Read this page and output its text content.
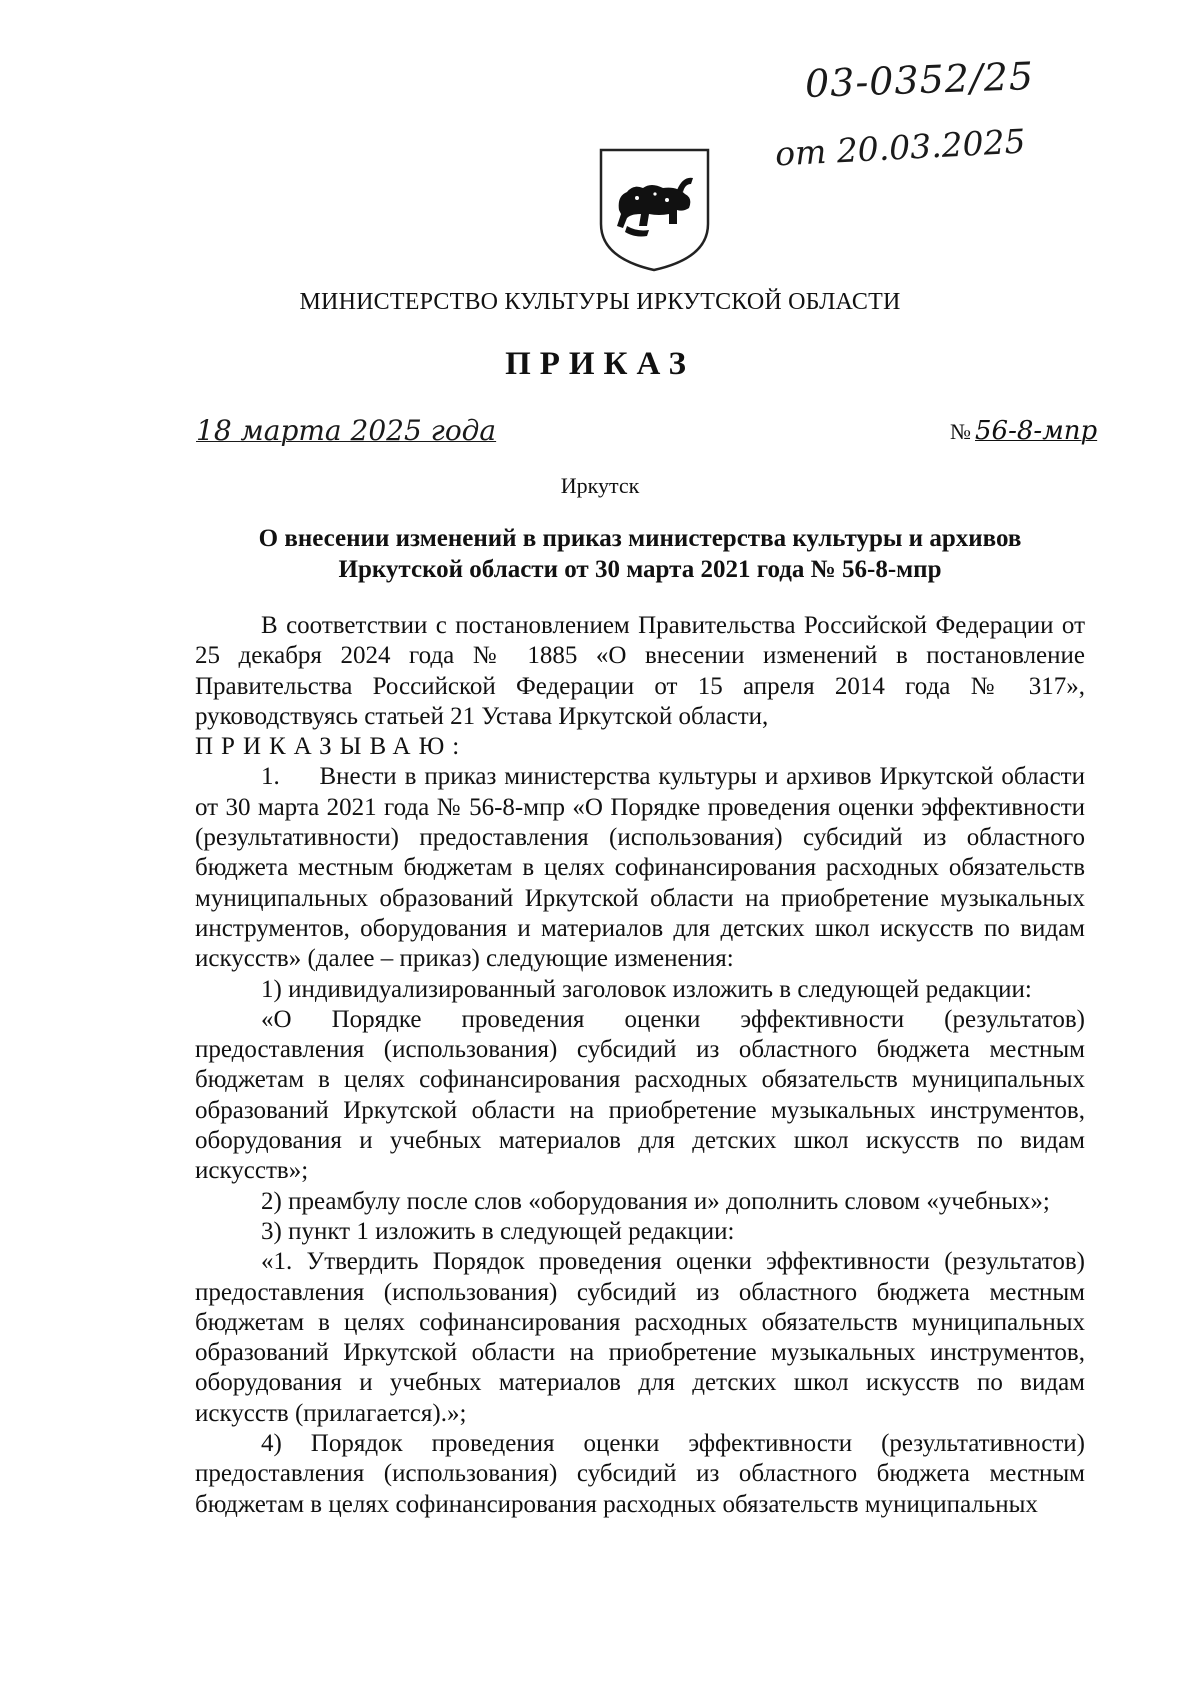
03-0352/25
от 20.03.2025
МИНИСТЕРСТВО КУЛЬТУРЫ ИРКУТСКОЙ ОБЛАСТИ
ПРИКАЗ
18 марта 2025 года	№ 56-8-мпр
Иркутск
О внесении изменений в приказ министерства культуры и архивов
Иркутской области от 30 марта 2021 года № 56-8-мпр

В соответствии с постановлением Правительства Российской Федерации от 25 декабря 2024 года № 1885 «О внесении изменений в постановление Правительства Российской Федерации от 15 апреля 2014 года № 317», руководствуясь статьей 21 Устава Иркутской области,

ПРИКАЗЫВАЮ:

1.     Внести в приказ министерства культуры и архивов Иркутской области от 30 марта 2021 года № 56-8-мпр «О Порядке проведения оценки эффективности (результативности) предоставления (использования) субсидий из областного бюджета местным бюджетам в целях софинансирования расходных обязательств муниципальных образований Иркутской области на приобретение музыкальных инструментов, оборудования и материалов для детских школ искусств по видам искусств» (далее – приказ) следующие изменения:

1) индивидуализированный заголовок изложить в следующей редакции:

«О Порядке проведения оценки эффективности (результатов) предоставления (использования) субсидий из областного бюджета местным бюджетам в целях софинансирования расходных обязательств муниципальных образований Иркутской области на приобретение музыкальных инструментов, оборудования и учебных материалов для детских школ искусств по видам искусств»;

2) преамбулу после слов «оборудования и» дополнить словом «учебных»;

3) пункт 1 изложить в следующей редакции:

«1. Утвердить Порядок проведения оценки эффективности (результатов) предоставления (использования) субсидий из областного бюджета местным бюджетам в целях софинансирования расходных обязательств муниципальных образований Иркутской области на приобретение музыкальных инструментов, оборудования и учебных материалов для детских школ искусств по видам искусств (прилагается).»;

4) Порядок проведения оценки эффективности (результативности) предоставления (использования) субсидий из областного бюджета местным бюджетам в целях софинансирования расходных обязательств муниципальных
